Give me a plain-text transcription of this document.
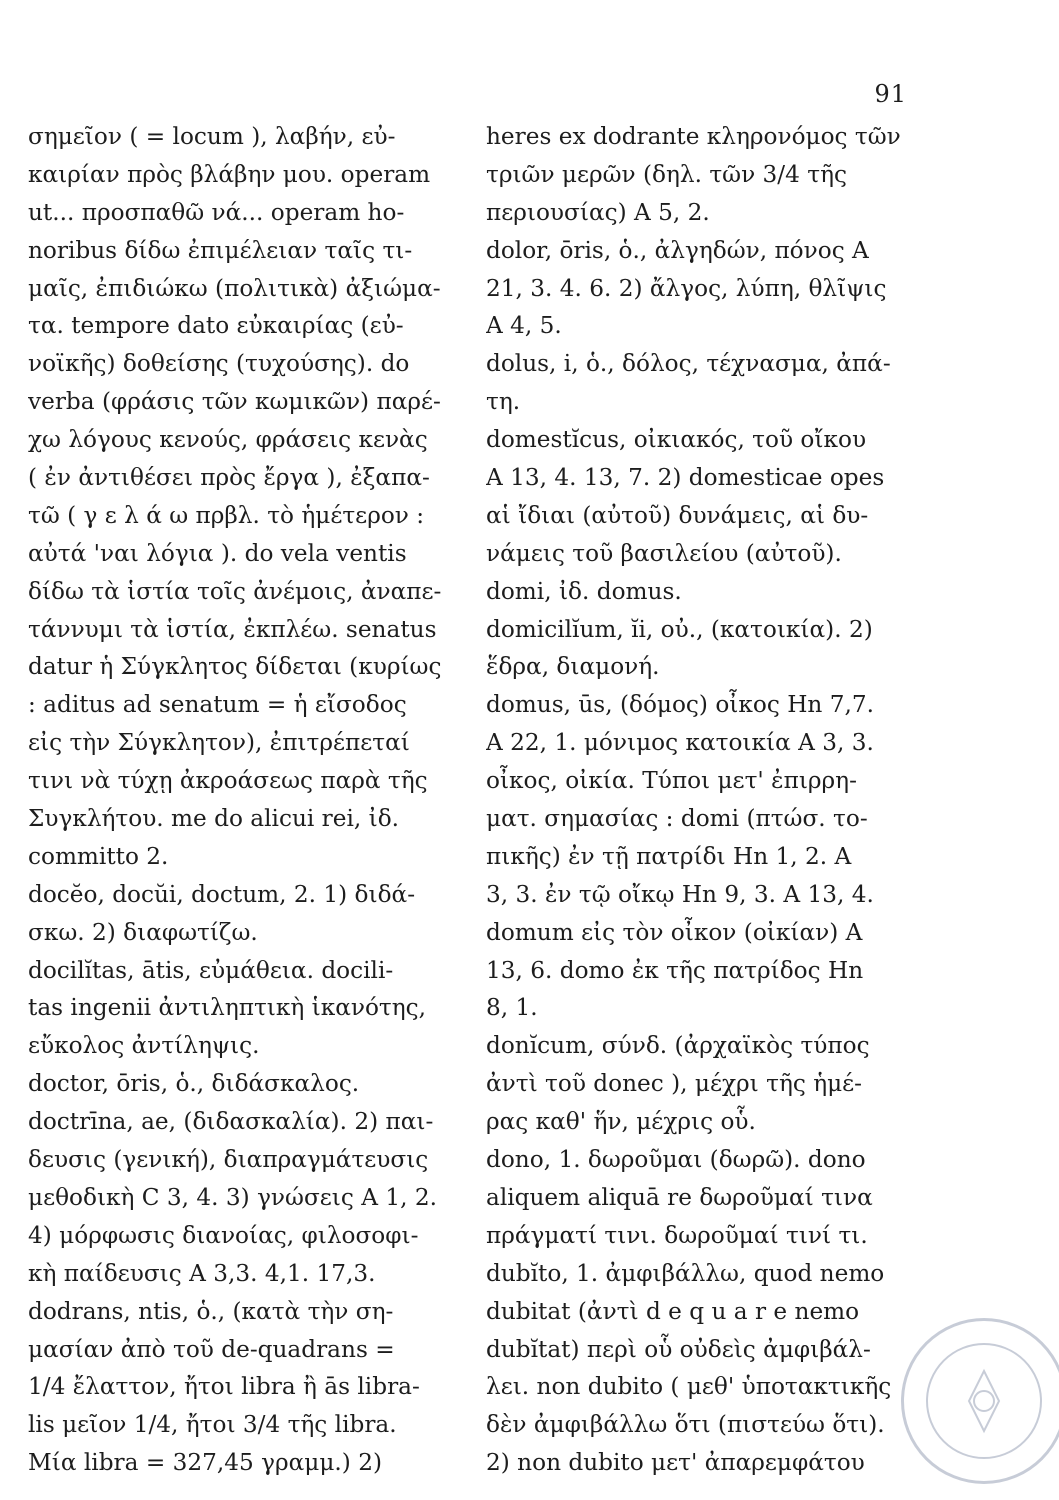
91
σημεῖον ( = locum ), λαβήν, εὐ-
καιρίαν πρὸς βλάβην μου. operam
ut... προσπαθῶ νά... operam ho-
noribus δίδω ἐπιμέλειαν ταῖς τι-
μαῖς, ἐπιδιώκω (πολιτικὰ) ἀξιώμα-
τα. tempore dato εὐκαιρίας (εὐ-
νοϊκῆς) δοθείσης (τυχούσης). do
verba (φράσις τῶν κωμικῶν) παρέ-
χω λόγους κενούς, φράσεις κενὰς
( ἐν ἀντιθέσει πρὸς ἔργα ), ἐξαπα-
τῶ ( γ ε λ ά ω πρβλ. τὸ ἡμέτερον :
αὐτά 'ναι λόγια ). do vela ventis
δίδω τὰ ἱστία τοῖς ἀνέμοις, ἀναπε-
τάννυμι τὰ ἱστία, ἐκπλέω. senatus
datur ἡ Σύγκλητος δίδεται (κυρίως
: aditus ad senatum = ἡ εἴσοδος
εἰς τὴν Σύγκλητον), ἐπιτρέπεταί
τινι νὰ τύχῃ ἀκροάσεως παρὰ τῆς
Συγκλήτου. me do alicui rei, ἰδ.
committo 2.
docĕo, docŭi, doctum, 2. 1) διδά-
σκω. 2) διαφωτίζω.
docilĭtas, ātis, εὐμάθεια. docili-
tas ingenii ἀντιληπτικὴ ἱκανότης,
εὔκολος ἀντίληψις.
doctor, ōris, ὁ., διδάσκαλος.
doctrīna, ae, (διδασκαλία). 2) παι-
δευσις (γενική), διαπραγμάτευσις
μεθοδικὴ C 3, 4. 3) γνώσεις A 1, 2.
4) μόρφωσις διανοίας, φιλοσοφι-
κὴ παίδευσις A 3,3. 4,1. 17,3.
dodrans, ntis, ὁ., (κατὰ τὴν ση-
μασίαν ἀπὸ τοῦ de-quadrans =
1/4 ἔλαττον, ἤτοι libra ἢ ās libra-
lis μεῖον 1/4, ἤτοι 3/4 τῆς libra.
Μία libra = 327,45 γραμμ.) 2)
heres ex dodrante κληρονόμος τῶν
τριῶν μερῶν (δηλ. τῶν 3/4 τῆς
περιουσίας) A 5, 2.
dolor, ōris, ὁ., ἀλγηδών, πόνος A
21, 3. 4. 6. 2) ἄλγος, λύπη, θλῖψις
A 4, 5.
dolus, i, ὁ., δόλος, τέχνασμα, ἀπά-
τη.
domestĭcus, οἰκιακός, τοῦ οἴκου
A 13, 4. 13, 7. 2) domesticae opes
αἱ ἴδιαι (αὐτοῦ) δυνάμεις, αἱ δυ-
νάμεις τοῦ βασιλείου (αὐτοῦ).
domi, ἰδ. domus.
domicilĭum, ĭi, οὐ., (κατοικία). 2)
ἕδρα, διαμονή.
domus, ūs, (δόμος) οἶκος Hn 7,7.
A 22, 1. μόνιμος κατοικία A 3, 3.
οἶκος, οἰκία. Τύποι μετ' ἐπιρρη-
ματ. σημασίας : domi (πτώσ. το-
πικῆς) ἐν τῇ πατρίδι Hn 1, 2. A
3, 3. ἐν τῷ οἴκῳ Hn 9, 3. A 13, 4.
domum εἰς τὸν οἶκον (οἰκίαν) A
13, 6. domo ἐκ τῆς πατρίδος Hn
8, 1.
donĭcum, σύνδ. (ἀρχαϊκὸς τύπος
ἀντὶ τοῦ donec ), μέχρι τῆς ἡμέ-
ρας καθ' ἥν, μέχρις οὗ.
dono, 1. δωροῦμαι (δωρῶ). dono
aliquem aliquā re δωροῦμαί τινα
πράγματί τινι. δωροῦμαί τινί τι.
dubĭto, 1. ἀμφιβάλλω, quod nemo
dubitat (ἀντὶ d e q u a r e nemo
dubĭtat) περὶ οὗ οὐδεὶς ἀμφιβάλ-
λει. non dubito ( μεθ' ὑποτακτικῆς
δὲν ἀμφιβάλλω ὅτι (πιστεύω ὅτι).
2) non dubito μετ' ἀπαρεμφάτου
